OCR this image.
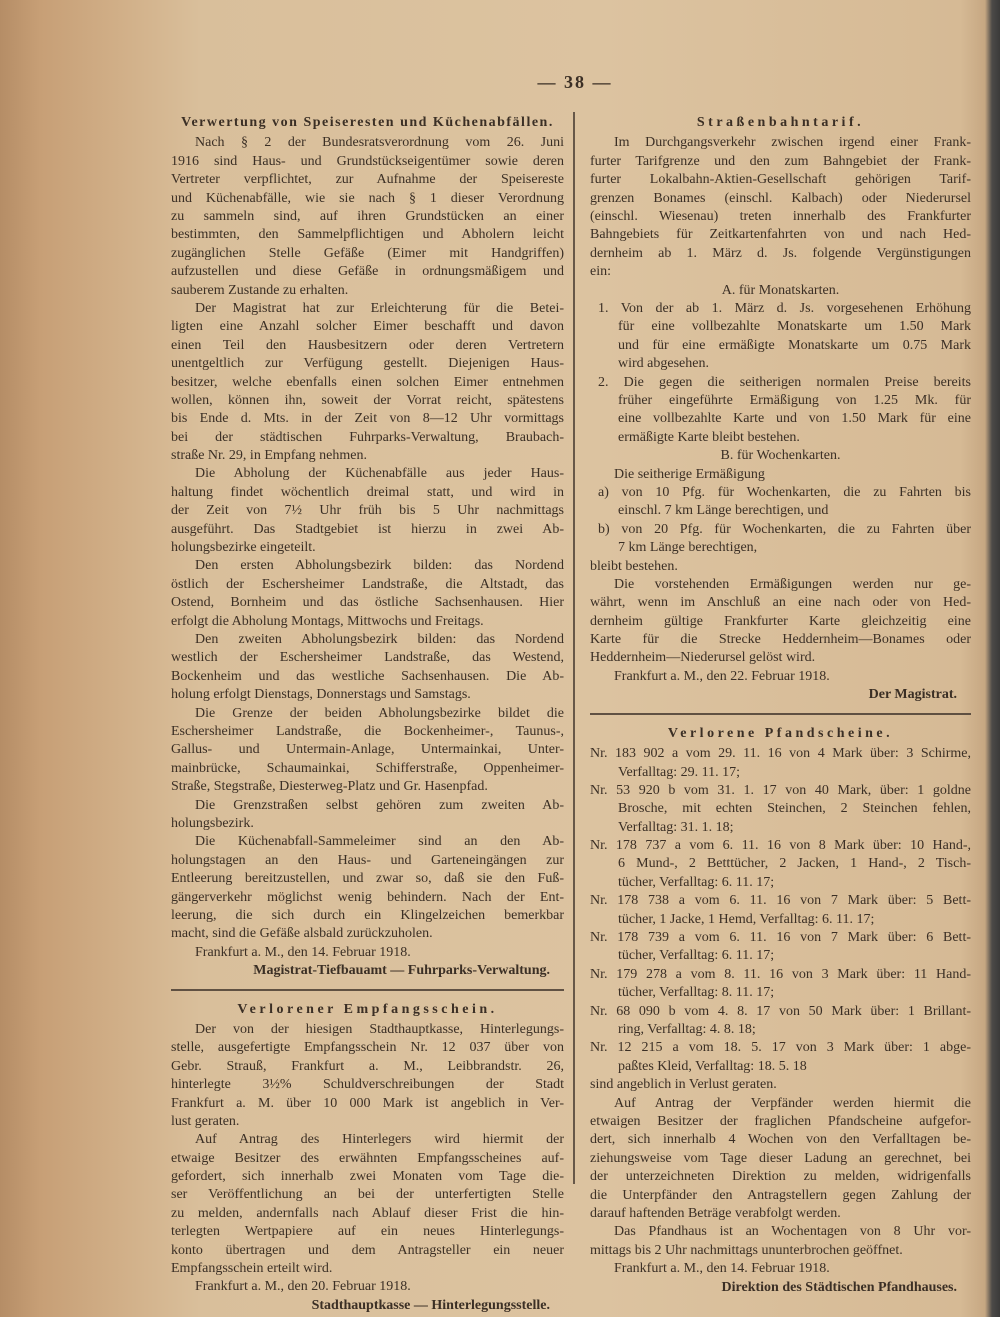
— 38 —
Verwertung von Speiseresten und Küchenabfällen.
Nach § 2 der Bundesratsverordnung vom 26. Juni
1916 sind Haus- und Grundstückseigentümer sowie deren
Vertreter verpflichtet, zur Aufnahme der Speisereste
und Küchenabfälle, wie sie nach § 1 dieser Verordnung
zu sammeln sind, auf ihren Grundstücken an einer
bestimmten, den Sammelpflichtigen und Abholern leicht
zugänglichen Stelle Gefäße (Eimer mit Handgriffen)
aufzustellen und diese Gefäße in ordnungsmäßigem und
sauberem Zustande zu erhalten.
Der Magistrat hat zur Erleichterung für die Betei-
ligten eine Anzahl solcher Eimer beschafft und davon
einen Teil den Hausbesitzern oder deren Vertretern
unentgeltlich zur Verfügung gestellt. Diejenigen Haus-
besitzer, welche ebenfalls einen solchen Eimer entnehmen
wollen, können ihn, soweit der Vorrat reicht, spätestens
bis Ende d. Mts. in der Zeit von 8—12 Uhr vormittags
bei der städtischen Fuhrparks-Verwaltung, Braubach-
straße Nr. 29, in Empfang nehmen.
Die Abholung der Küchenabfälle aus jeder Haus-
haltung findet wöchentlich dreimal statt, und wird in
der Zeit von 7½ Uhr früh bis 5 Uhr nachmittags
ausgeführt. Das Stadtgebiet ist hierzu in zwei Ab-
holungsbezirke eingeteilt.
Den ersten Abholungsbezirk bilden: das Nordend
östlich der Eschersheimer Landstraße, die Altstadt, das
Ostend, Bornheim und das östliche Sachsenhausen. Hier
erfolgt die Abholung Montags, Mittwochs und Freitags.
Den zweiten Abholungsbezirk bilden: das Nordend
westlich der Eschersheimer Landstraße, das Westend,
Bockenheim und das westliche Sachsenhausen. Die Ab-
holung erfolgt Dienstags, Donnerstags und Samstags.
Die Grenze der beiden Abholungsbezirke bildet die
Eschersheimer Landstraße, die Bockenheimer-, Taunus-,
Gallus- und Untermain-Anlage, Untermainkai, Unter-
mainbrücke, Schaumainkai, Schifferstraße, Oppenheimer-
Straße, Stegstraße, Diesterweg-Platz und Gr. Hasenpfad.
Die Grenzstraßen selbst gehören zum zweiten Ab-
holungsbezirk.
Die Küchenabfall-Sammeleimer sind an den Ab-
holungstagen an den Haus- und Garteneingängen zur
Entleerung bereitzustellen, und zwar so, daß sie den Fuß-
gängerverkehr möglichst wenig behindern. Nach der Ent-
leerung, die sich durch ein Klingelzeichen bemerkbar
macht, sind die Gefäße alsbald zurückzuholen.
Frankfurt a. M., den 14. Februar 1918.
Magistrat-Tiefbauamt — Fuhrparks-Verwaltung.
Verlorener Empfangsschein.
Der von der hiesigen Stadthauptkasse, Hinterlegungs-
stelle, ausgefertigte Empfangsschein Nr. 12 037 über von
Gebr. Strauß, Frankfurt a. M., Leibbrandstr. 26,
hinterlegte 3½% Schuldverschreibungen der Stadt
Frankfurt a. M. über 10 000 Mark ist angeblich in Ver-
lust geraten.
Auf Antrag des Hinterlegers wird hiermit der
etwaige Besitzer des erwähnten Empfangsscheines auf-
gefordert, sich innerhalb zwei Monaten vom Tage die-
ser Veröffentlichung an bei der unterfertigten Stelle
zu melden, andernfalls nach Ablauf dieser Frist die hin-
terlegten Wertpapiere auf ein neues Hinterlegungs-
konto übertragen und dem Antragsteller ein neuer
Empfangsschein erteilt wird.
Frankfurt a. M., den 20. Februar 1918.
Stadthauptkasse — Hinterlegungsstelle.
Straßenbahntarif.
Im Durchgangsverkehr zwischen irgend einer Frank-
furter Tarifgrenze und den zum Bahngebiet der Frank-
furter Lokalbahn-Aktien-Gesellschaft gehörigen Tarif-
grenzen Bonames (einschl. Kalbach) oder Niederursel
(einschl. Wiesenau) treten innerhalb des Frankfurter
Bahngebiets für Zeitkartenfahrten von und nach Hed-
dernheim ab 1. März d. Js. folgende Vergünstigungen
ein:
A. für Monatskarten.
1. Von der ab 1. März d. Js. vorgesehenen Erhöhung
für eine vollbezahlte Monatskarte um 1.50 Mark
und für eine ermäßigte Monatskarte um 0.75 Mark
wird abgesehen.
2. Die gegen die seitherigen normalen Preise bereits
früher eingeführte Ermäßigung von 1.25 Mk. für
eine vollbezahlte Karte und von 1.50 Mark für eine
ermäßigte Karte bleibt bestehen.
B. für Wochenkarten.
Die seitherige Ermäßigung
a) von 10 Pfg. für Wochenkarten, die zu Fahrten bis
einschl. 7 km Länge berechtigen, und
b) von 20 Pfg. für Wochenkarten, die zu Fahrten über
7 km Länge berechtigen,
bleibt bestehen.
Die vorstehenden Ermäßigungen werden nur ge-
währt, wenn im Anschluß an eine nach oder von Hed-
dernheim gültige Frankfurter Karte gleichzeitig eine
Karte für die Strecke Heddernheim—Bonames oder
Heddernheim—Niederursel gelöst wird.
Frankfurt a. M., den 22. Februar 1918.
Der Magistrat.
Verlorene Pfandscheine.
Nr. 183 902 a vom 29. 11. 16 von 4 Mark über: 3 Schirme,
Verfalltag: 29. 11. 17;
Nr. 53 920 b vom 31. 1. 17 von 40 Mark, über: 1 goldne
Brosche, mit echten Steinchen, 2 Steinchen fehlen,
Verfalltag: 31. 1. 18;
Nr. 178 737 a vom 6. 11. 16 von 8 Mark über: 10 Hand-,
6 Mund-, 2 Betttücher, 2 Jacken, 1 Hand-, 2 Tisch-
tücher, Verfalltag: 6. 11. 17;
Nr. 178 738 a vom 6. 11. 16 von 7 Mark über: 5 Bett-
tücher, 1 Jacke, 1 Hemd, Verfalltag: 6. 11. 17;
Nr. 178 739 a vom 6. 11. 16 von 7 Mark über: 6 Bett-
tücher, Verfalltag: 6. 11. 17;
Nr. 179 278 a vom 8. 11. 16 von 3 Mark über: 11 Hand-
tücher, Verfalltag: 8. 11. 17;
Nr. 68 090 b vom 4. 8. 17 von 50 Mark über: 1 Brillant-
ring, Verfalltag: 4. 8. 18;
Nr. 12 215 a vom 18. 5. 17 von 3 Mark über: 1 abge-
paßtes Kleid, Verfalltag: 18. 5. 18
sind angeblich in Verlust geraten.
Auf Antrag der Verpfänder werden hiermit die
etwaigen Besitzer der fraglichen Pfandscheine aufgefor-
dert, sich innerhalb 4 Wochen von den Verfalltagen be-
ziehungsweise vom Tage dieser Ladung an gerechnet, bei
der unterzeichneten Direktion zu melden, widrigenfalls
die Unterpfänder den Antragstellern gegen Zahlung der
darauf haftenden Beträge verabfolgt werden.
Das Pfandhaus ist an Wochentagen von 8 Uhr vor-
mittags bis 2 Uhr nachmittags ununterbrochen geöffnet.
Frankfurt a. M., den 14. Februar 1918.
Direktion des Städtischen Pfandhauses.
